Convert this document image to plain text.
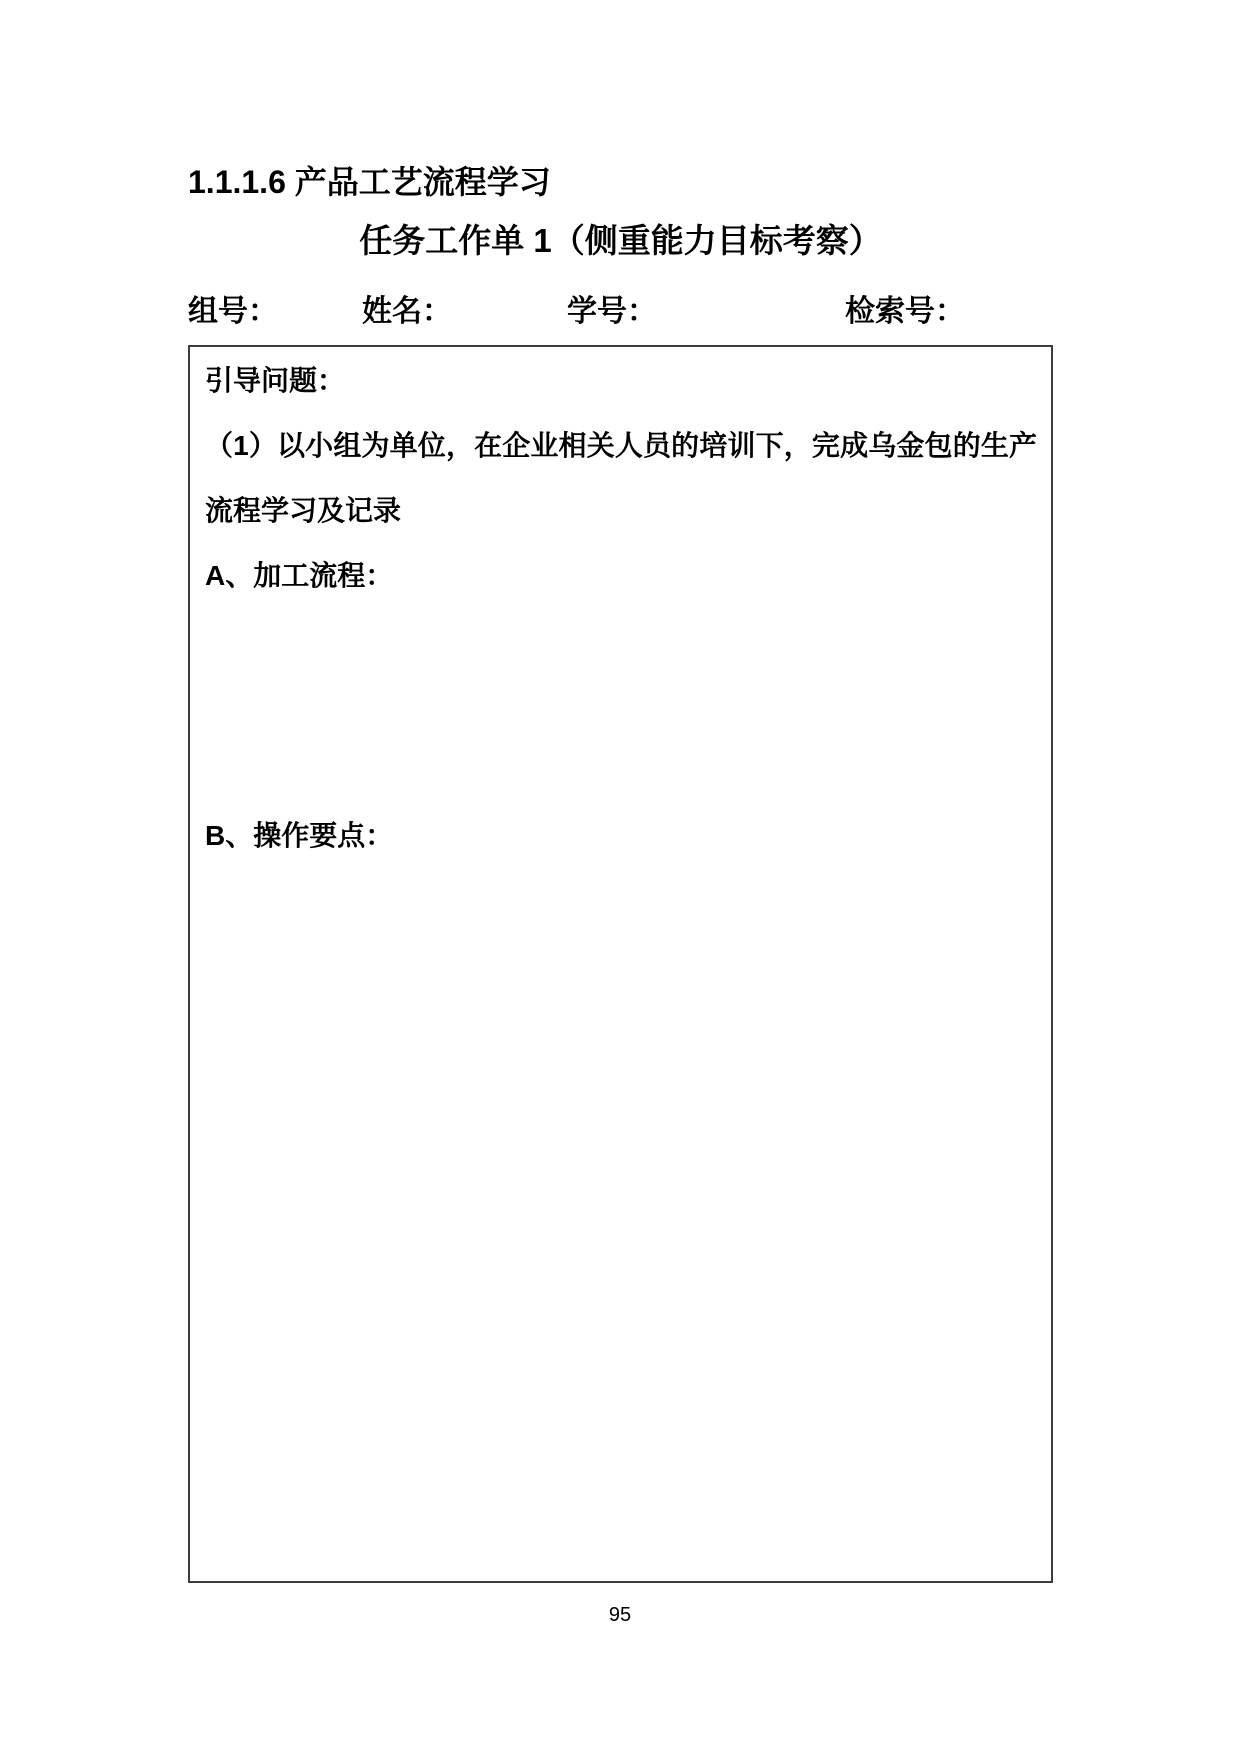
1.1.1.6 产品工艺流程学习
任务工作单 1（侧重能力目标考察）
组号：	姓名：	学号：	检索号：
引导问题：
（1）以小组为单位，在企业相关人员的培训下，完成乌金包的生产
流程学习及记录
A、加工流程：
B、操作要点：
95
